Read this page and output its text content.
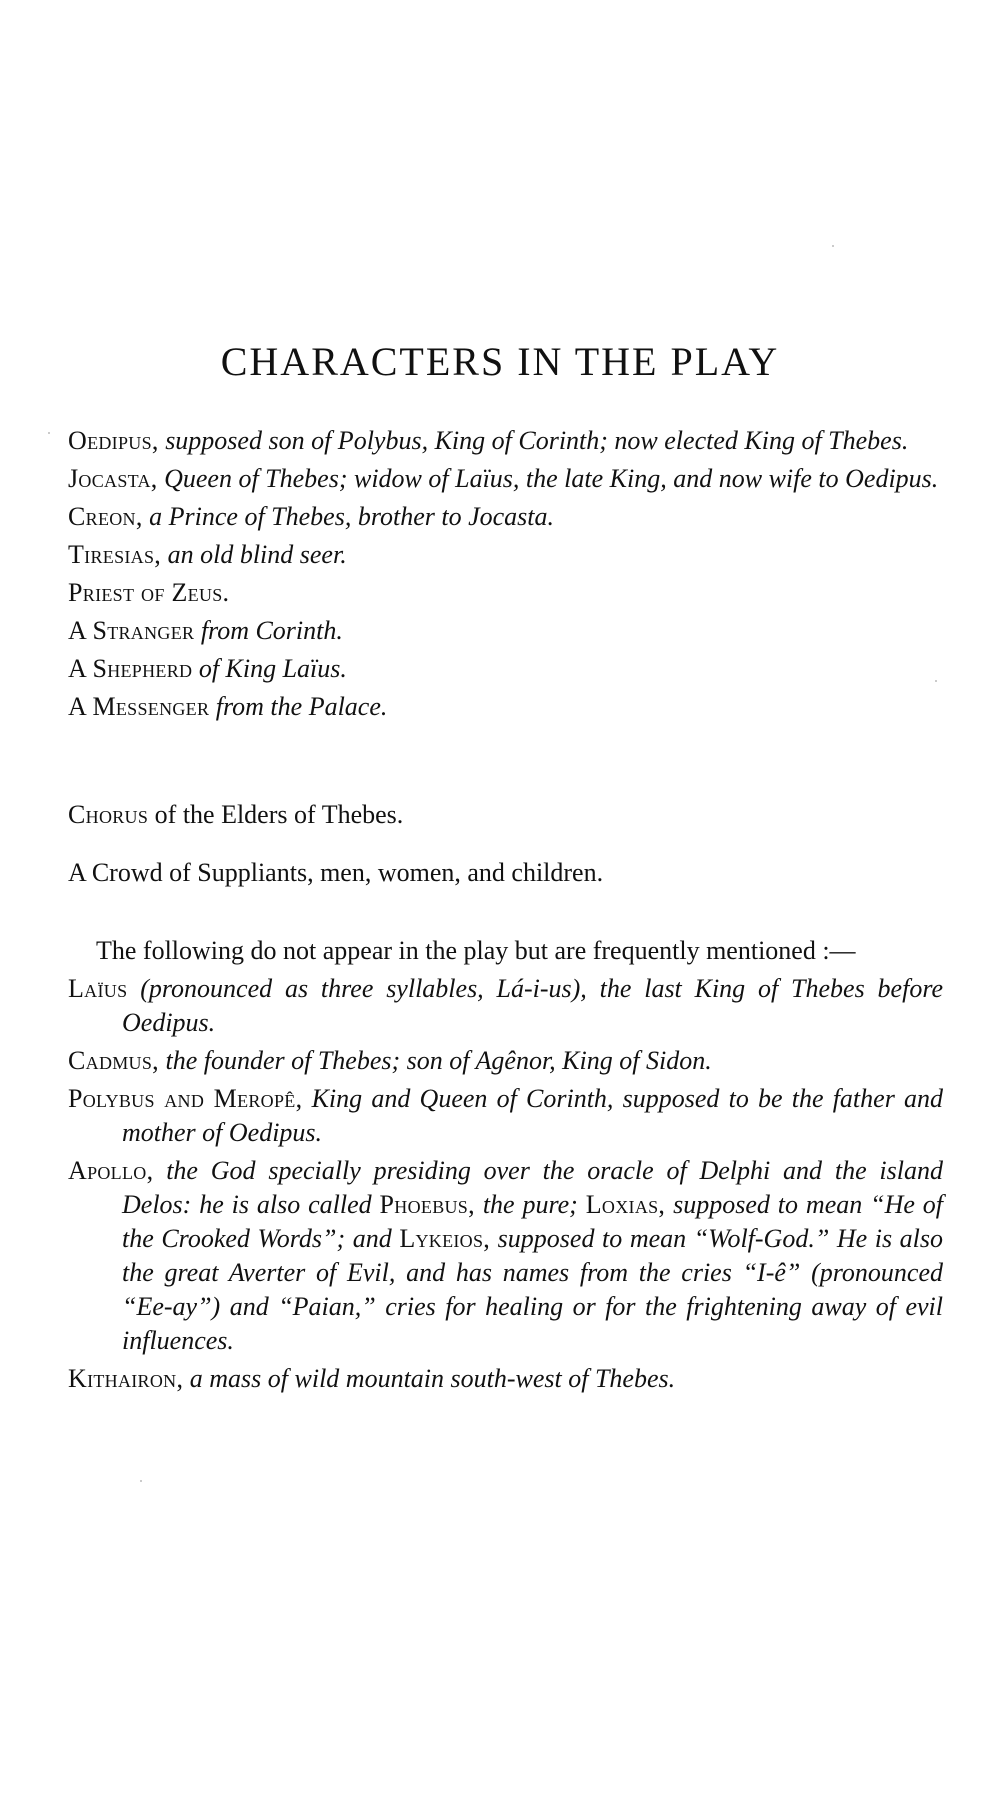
CHARACTERS IN THE PLAY

Oedipus, supposed son of Polybus, King of Corinth; now elected King of Thebes.

Jocasta, Queen of Thebes; widow of Laïus, the late King, and now wife to Oedipus.

Creon, a Prince of Thebes, brother to Jocasta.

Tiresias, an old blind seer.

Priest of Zeus.

A Stranger from Corinth.

A Shepherd of King Laïus.

A Messenger from the Palace.

Chorus of the Elders of Thebes.

A Crowd of Suppliants, men, women, and children.

The following do not appear in the play but are frequently mentioned :—

Laïus (pronounced as three syllables, Lá-i-us), the last King of Thebes before Oedipus.

Cadmus, the founder of Thebes; son of Agênor, King of Sidon.

Polybus and Meropê, King and Queen of Corinth, supposed to be the father and mother of Oedipus.

Apollo, the God specially presiding over the oracle of Delphi and the island Delos: he is also called Phoebus, the pure; Loxias, supposed to mean “He of the Crooked Words”; and Lykeios, supposed to mean “Wolf-God.” He is also the great Averter of Evil, and has names from the cries “I-ê” (pronounced “Ee-ay”) and “Paian,” cries for healing or for the frightening away of evil influences.

Kithairon, a mass of wild mountain south-west of Thebes.
